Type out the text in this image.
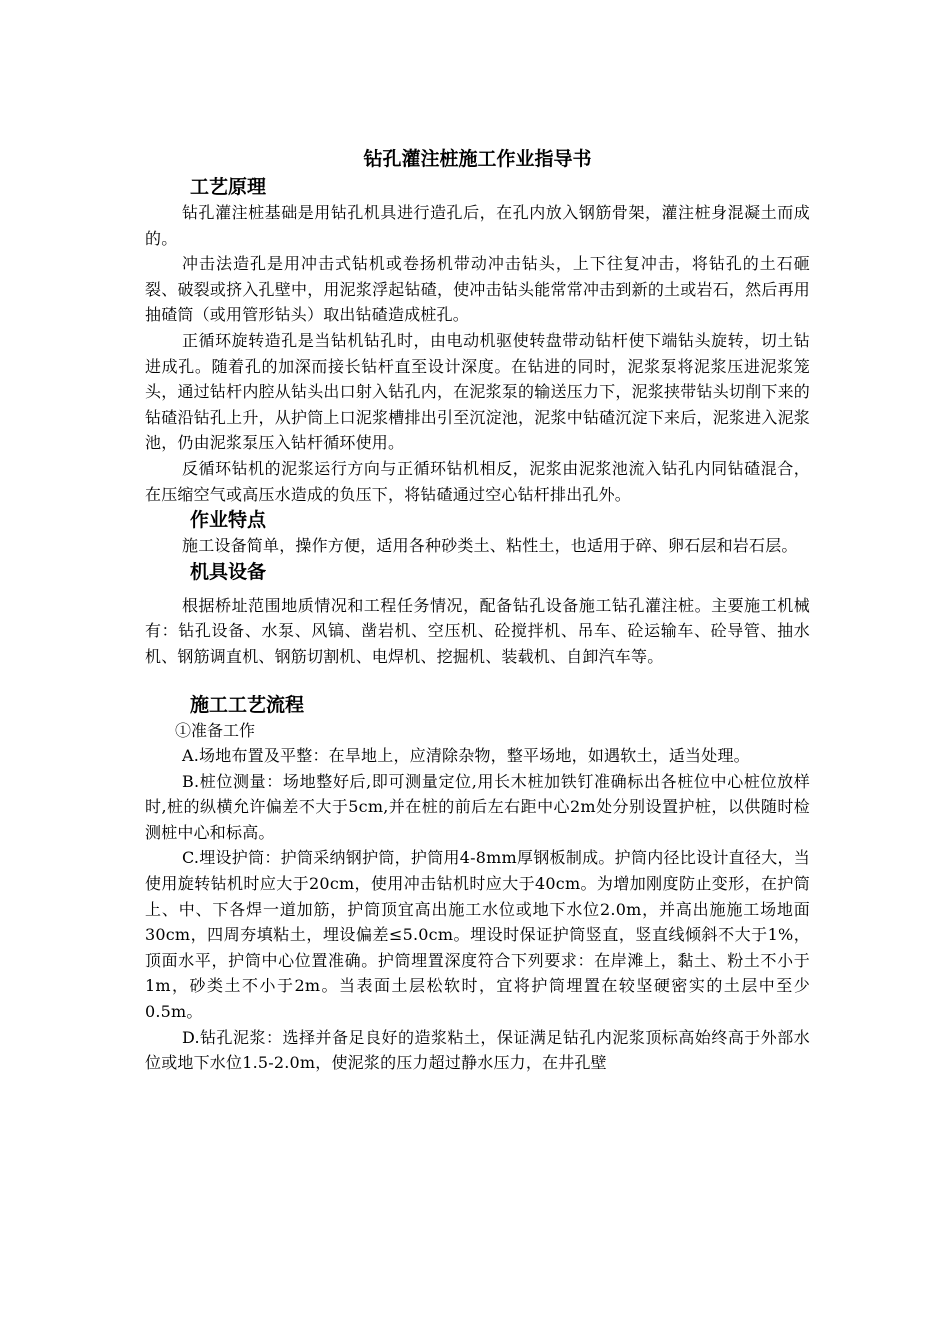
钻孔灌注桩施工作业指导书
工艺原理

钻孔灌注桩基础是用钻孔机具进行造孔后，在孔内放入钢筋骨架，灌注桩身混凝土而成的。

冲击法造孔是用冲击式钻机或卷扬机带动冲击钻头，上下往复冲击，将钻孔的土石砸裂、破裂或挤入孔壁中，用泥浆浮起钻碴，使冲击钻头能常常冲击到新的土或岩石，然后再用抽碴筒（或用管形钻头）取出钻碴造成桩孔。

正循环旋转造孔是当钻机钻孔时，由电动机驱使转盘带动钻杆使下端钻头旋转，切土钻进成孔。随着孔的加深而接长钻杆直至设计深度。在钻进的同时，泥浆泵将泥浆压进泥浆笼头，通过钻杆内腔从钻头出口射入钻孔内，在泥浆泵的输送压力下，泥浆挟带钻头切削下来的钻碴沿钻孔上升，从护筒上口泥浆槽排出引至沉淀池，泥浆中钻碴沉淀下来后，泥浆进入泥浆池，仍由泥浆泵压入钻杆循环使用。

反循环钻机的泥浆运行方向与正循环钻机相反，泥浆由泥浆池流入钻孔内同钻碴混合，在压缩空气或高压水造成的负压下，将钻碴通过空心钻杆排出孔外。

作业特点

施工设备简单，操作方便，适用各种砂类土、粘性土，也适用于碎、卵石层和岩石层。

机具设备

根据桥址范围地质情况和工程任务情况，配备钻孔设备施工钻孔灌注桩。主要施工机械有：钻孔设备、水泵、风镐、凿岩机、空压机、砼搅拌机、吊车、砼运输车、砼导管、抽水机、钢筋调直机、钢筋切割机、电焊机、挖掘机、装载机、自卸汽车等。

施工工艺流程

①准备工作

A.场地布置及平整：在旱地上，应清除杂物，整平场地，如遇软土，适当处理。

B.桩位测量：场地整好后,即可测量定位,用长木桩加铁钉准确标出各桩位中心桩位放样时,桩的纵横允许偏差不大于5cm,并在桩的前后左右距中心2m处分别设置护桩，以供随时检测桩中心和标高。

C.埋设护筒：护筒采纳钢护筒，护筒用4-8mm厚钢板制成。护筒内径比设计直径大，当使用旋转钻机时应大于20cm，使用冲击钻机时应大于40cm。为增加刚度防止变形，在护筒上、中、下各焊一道加筋，护筒顶宜高出施工水位或地下水位2.0m，并高出施施工场地面30cm，四周夯填粘土，埋设偏差≤5.0cm。埋设时保证护筒竖直，竖直线倾斜不大于1%，顶面水平，护筒中心位置准确。护筒埋置深度符合下列要求：在岸滩上，黏土、粉土不小于1m，砂类土不小于2m。当表面土层松软时，宜将护筒埋置在较坚硬密实的土层中至少0.5m。

D.钻孔泥浆：选择并备足良好的造浆粘土，保证满足钻孔内泥浆顶标高始终高于外部水位或地下水位1.5-2.0m，使泥浆的压力超过静水压力，在井孔壁
